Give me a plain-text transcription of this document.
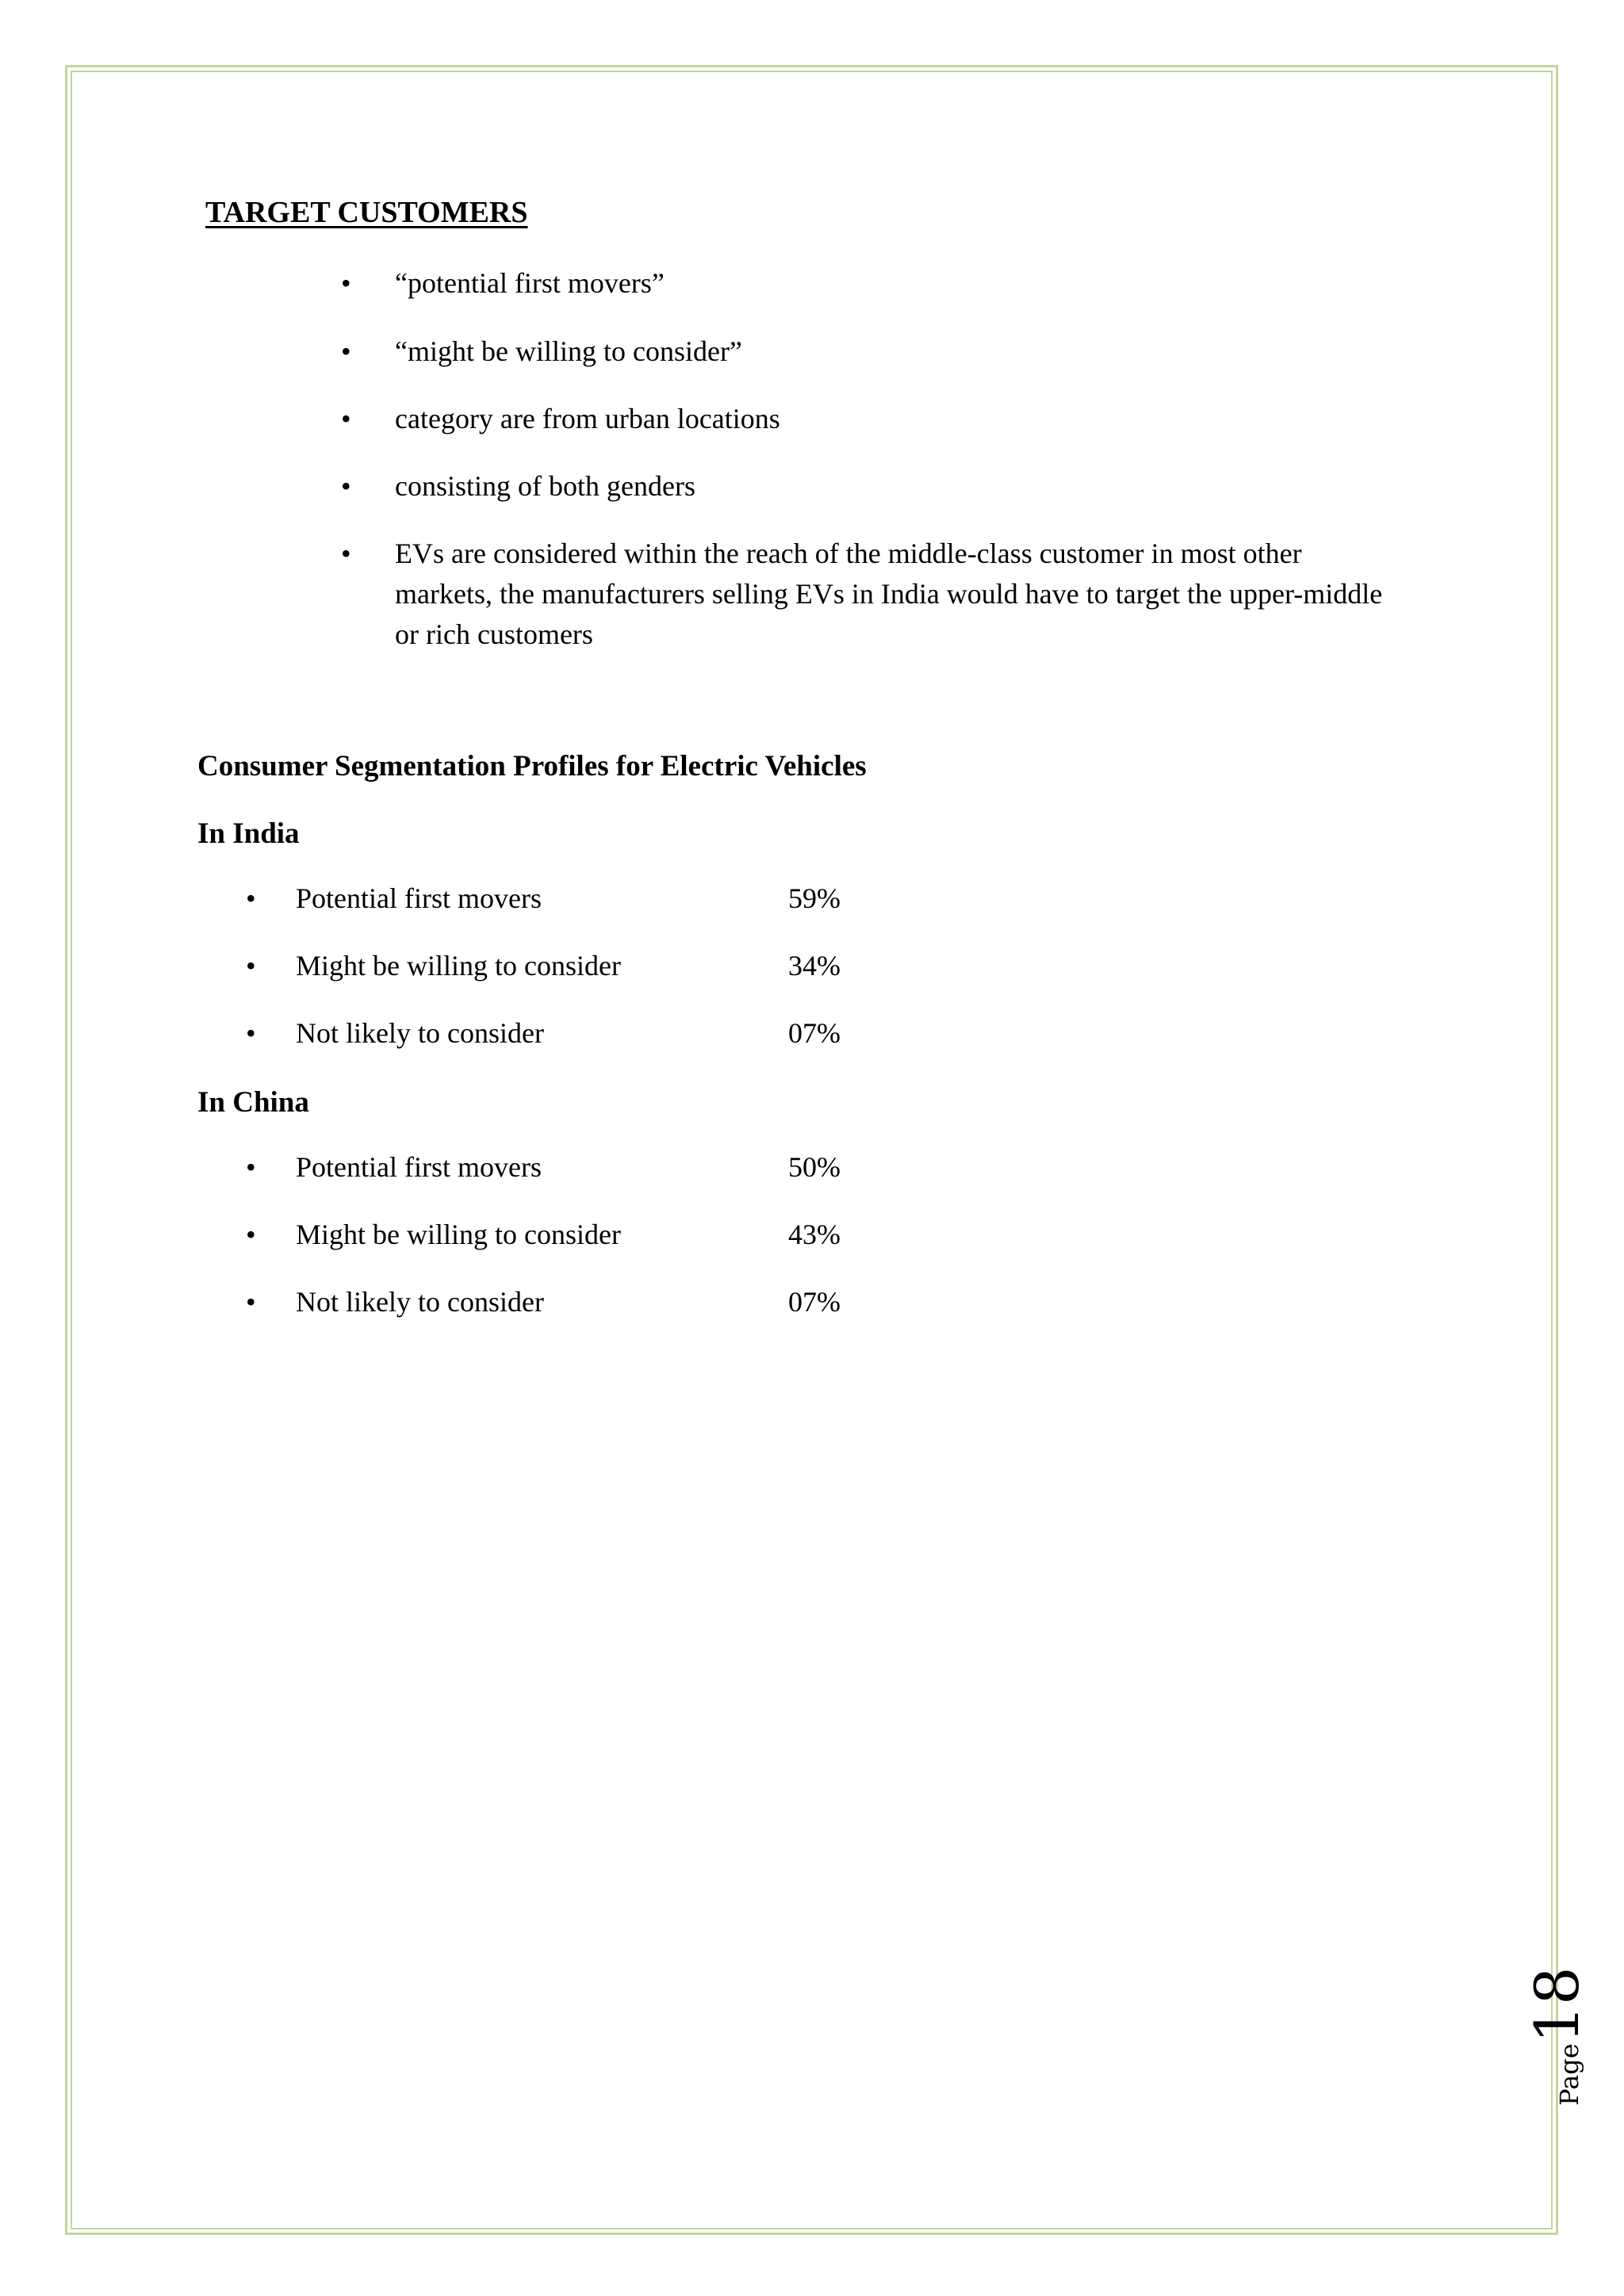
TARGET CUSTOMERS
• “potential first movers”
• “might be willing to consider”
• category are from urban locations
• consisting of both genders
• EVs are considered within the reach of the middle-class customer in most other markets, the manufacturers selling EVs in India would have to target the upper-middle or rich customers
Consumer Segmentation Profiles for Electric Vehicles
In India
• Potential first movers	59%
• Might be willing to consider	34%
• Not likely to consider	07%
In China
• Potential first movers	50%
• Might be willing to consider	43%
• Not likely to consider	07%
Page18
